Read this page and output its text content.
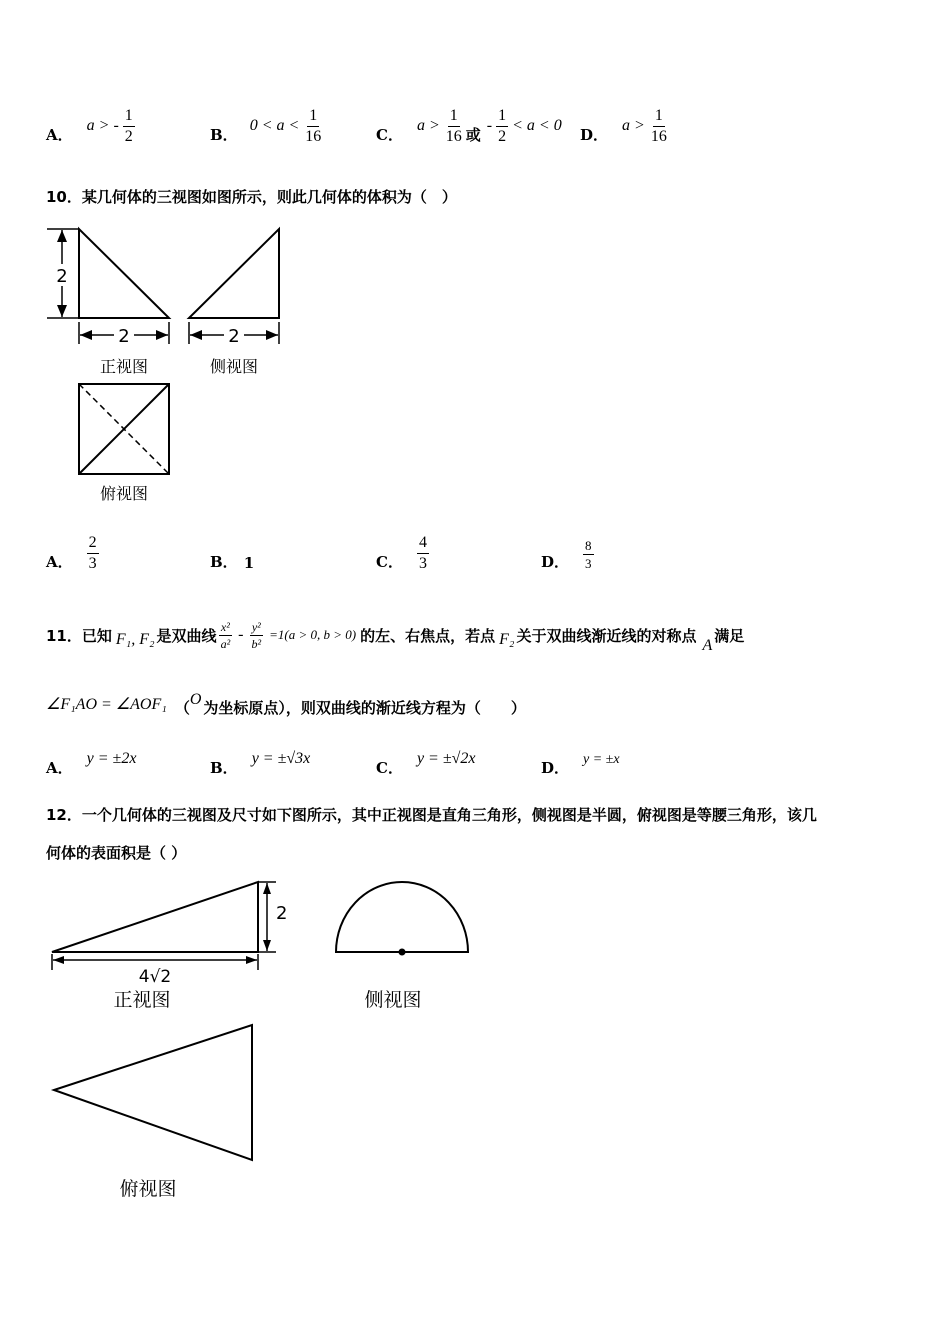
A．
a > - $\frac{1}{2}$	B．
$0 < a < \frac{1}{16}$	C．
$a > \frac{1}{16}$ 或
- $\frac{1}{2} < a < 0$
D．
$a > \frac{1}{16}$
10．某几何体的三视图如图所示，则此几何体的体积为（　）
2
2
正视图
2
侧视图
俯视图
A． $\frac{2}{3}$	B． 1	C． $\frac{4}{3}$	D． $\frac{8}{3}$
11．已知 F₁, F₂ 是双曲线 $\frac{\text{x²}}{\text{a²}} - \frac{\text{y²}}{\text{b²}} =1(a > 0$, b > 0) 的左、右焦点，若点 F₂ 关于双曲线渐近线的对称点
A
满足
∠F₁AO = ∠AOF₁ （ O 为坐标原点），则双曲线的渐近线方程为（　　）
A．
y = ±2x
B．
y = ±√3x
C．
y = ±√2x
D． y = ±x
12．一个几何体的三视图及尺寸如下图所示，其中正视图是直角三角形，侧视图是半圆，俯视图是等腰三角形，该几
何体的表面积是（ ）
2
4√2
正视图	侧视图
俯视图
